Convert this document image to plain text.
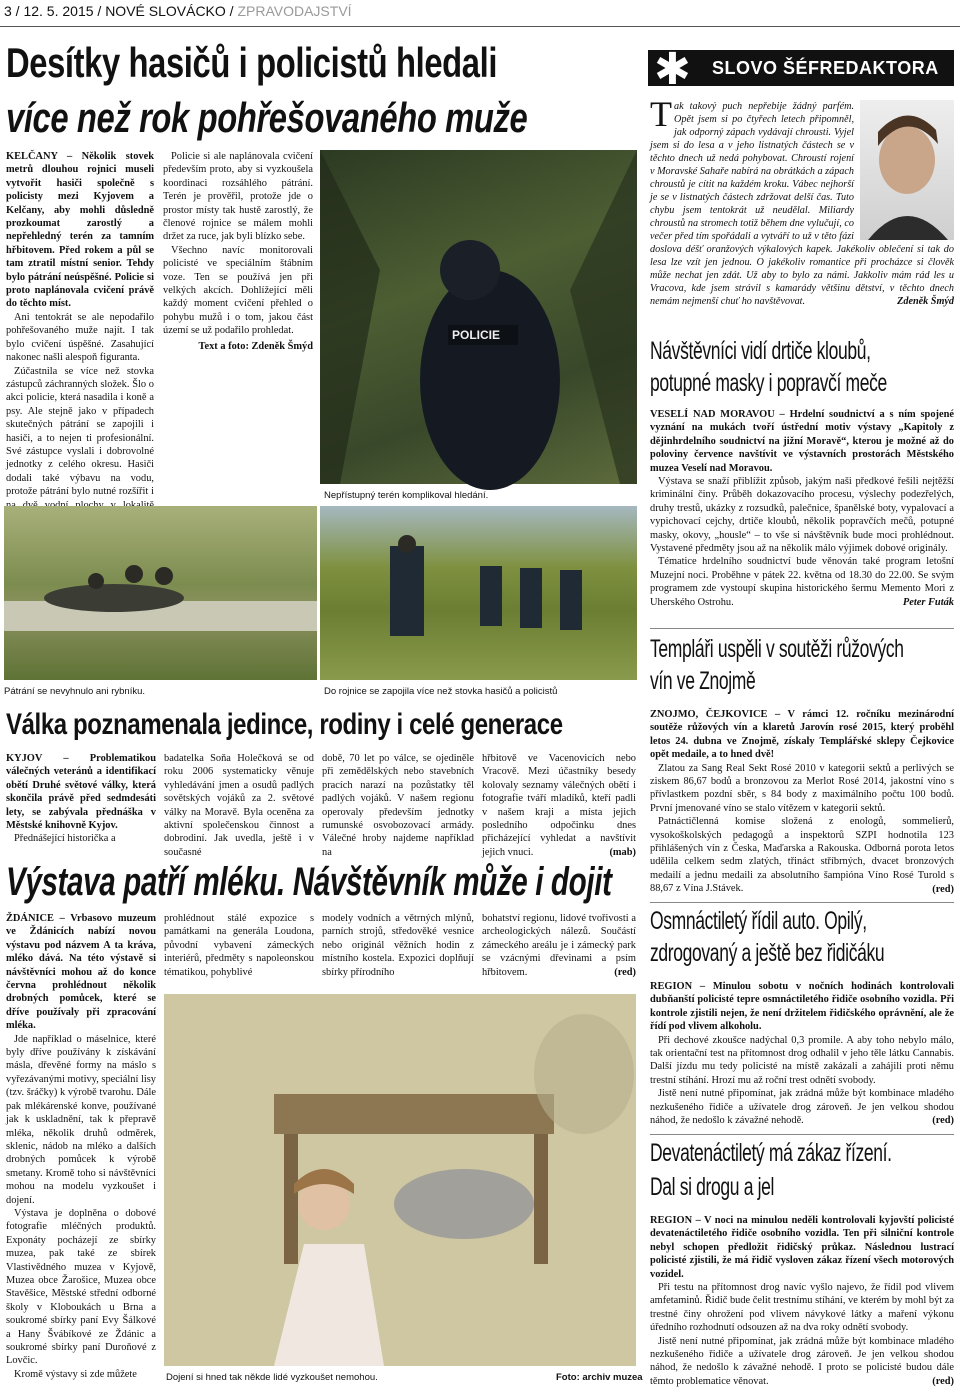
3 / 12. 5. 2015 / NOVÉ SLOVÁCKO / ZPRAVODAJSTVÍ
Desítky hasičů i policistů hledali
více než rok pohřešovaného muže

KELČANY – Několik stovek metrů dlouhou rojnici museli vytvořit hasiči společně s policisty mezi Kyjovem a Kelčany, aby mohli důsledně prozkoumat zarostlý a nepřehledný terén za tamním hřbitovem. Před rokem a půl se tam ztratil místní senior. Tehdy bylo pátrání neúspěšné. Policie si proto naplánovala cvičení právě do těchto míst.

Ani tentokrát se ale nepodařilo pohřešovaného muže najít. I tak bylo cvičení úspěšné. Zasahující nakonec našli alespoň figuranta.

Zúčastnila se více než stovka zástupců záchranných složek. Šlo o akci policie, která nasadila i koně a psy. Ale stejně jako v případech skutečných pátrání se zapojili i hasiči, a to nejen ti profesionální. Své zástupce vyslali i dobrovolné jednotky z celého okresu. Hasiči dodali také výbavu na vodu, protože pátrání bylo nutné rozšířit i

Policie si ale naplánovala cvičení především proto, aby si vyzkoušela koordinaci rozsáhlého pátrání. Terén je prověřil, protože jde o prostor místy tak hustě zarostlý, že členové rojnice se málem mohli držet za ruce, jak byli blízko sebe.

Všechno navíc monitorovali policisté ve speciálním štábním voze. Ten se používá jen při velkých akcích. Dohlížející měli každý moment cvičení přehled o pohybu mužů i o tom, jakou část území se už podařilo prohledat.

Text a foto: Zdeněk Šmýd

POLICIE
Nepřístupný terén komplikoval hledání.
Pátrání se nevyhnulo ani rybníku.	Do rojnice se zapojila více než stovka hasičů a policistů
✱ SLOVO ŠÉFREDAKTORA
T ak takový puch nepřebije žádný parfém. Opět jsem si po čtyřech letech připomněl, jak odporný zápach vydávají chrousti. Vyjel jsem si do lesa a v jeho listnatých částech se v těchto dnech už nedá pohybovat. Chroustí rojení v Moravské Sahaře nabírá na obrátkách a zápach chroustů je cítit na každém kroku. Vábec nejhorší je se v listnatých částech zdržovat delší čas. Tuto chybu jsem tentokrát už neudělal. Miliardy chroustů na stromech totiž během dne vylučují, co večer před tím spořádali a vytváří to už v těto fázi doslova déšť oranžových výkalových kapek. Jakékoliv oblečení si tak do lesa lze vzít jen jednou. O jakékoliv romantice při procházce si člověk může nechat jen zdát. Už aby to bylo za námi. Jakkoliv mám rád les u Vracova, kde jsem strávil s kamarády většinu dětství, v těchto dnech nemám nejmenší chuť ho navštěvovat.	Zdeněk Šmýd
Návštěvníci vidí drtiče kloubů,
potupné masky i popravčí meče

VESELÍ NAD MORAVOU – Hrdelní soudnictví a s ním spojené vyznání na mukách tvoří ústřední motiv výstavy „Kapitoly z dějinhrdelního soudnictví na jižní Moravě“, kterou je možné až do poloviny července navštívit ve výstavních prostorách Městského muzea Veselí nad Moravou.

Výstava se snaží přiblížit způsob, jakým naši předkové řešili nejtěžší kriminální činy. Průběh dokazovacího procesu, výslechy podezřelých, druhy trestů, ukázky z rozsudků, palečnice, španělské boty, vypalovací a vypichovací cejchy, drtiče kloubů, několik popravčích mečů, potupné masky, okovy, „housle“ – to vše si návštěvník bude moci prohlédnout. Vystavené předměty jsou až na několik málo výjimek dobové originály.

Tématice hrdelního soudnictví bude věnován také program letošní Muzejní noci. Proběhne v pátek 22. května od 18.30 do 22.00. Se svým programem zde vystoupí skupina historického šermu Memento Mori z Uherského Ostrohu.	Peter Futák

Templáři uspěli v soutěži růžových
vín ve Znojmě

ZNOJMO, ČEJKOVICE – V rámci 12. ročníku mezinárodní soutěže růžových vín a klaretů Jarovín rosé 2015, který proběhl letos 24. dubna ve Znojmě, získaly Templářské sklepy Čejkovice opět medaile, a to hned dvě!

Zlatou za Sang Real Sekt Rosé 2010 v kategorii sektů a perlivých se ziskem 86,67 bodů a bronzovou za Merlot Rosé 2014, jakostní víno s přívlastkem pozdní sběr, s 84 body z maximálního počtu 100 bodů. První jmenované víno se stalo vítězem v kategorii sektů.

Patnáctičlenná komise složená z enologů, sommelierů, vysokoškolských pedagogů a inspektorů SZPI hodnotila 123 přihlášených vín z Česka, Maďarska a Rakouska. Odborná porota letos udělila celkem sedm zlatých, třináct stříbrných, dvacet bronzových medailí a jednu medaili za absolutního šampióna Víno Rosé Turold s 88,67 z Vína J.Stávek.	(red)

Osmnáctiletý řídil auto. Opilý,
zdrogovaný a ještě bez řidičáku

REGION – Minulou sobotu v nočních hodinách kontrolovali dubňanští policisté tepre osmnáctiletého řidiče osobního vozidla. Při kontrole zjistili nejen, že není držitelem řidičského oprávnění, ale že řídí pod vlivem alkoholu.

Při dechové zkoušce nadýchal 0,3 promile. A aby toho nebylo málo, tak orientační test na přítomnost drog odhalil v jeho těle látku Cannabis. Další jízdu mu tedy policisté na místě zakázali a zahájili proti němu trestní stíhání. Hrozí mu až roční trest odnětí svobody.

Jistě není nutné připomínat, jak zrádná může být kombinace mladého nezkušeného řidiče a užívatele drog zároveň. Je jen velkou shodou náhod, že nedošlo k závažné nehodě.	(red)

Devatenáctiletý má zákaz řízení.
Dal si drogu a jel

REGION – V noci na minulou neděli kontrolovali kyjovští policisté devatenáctiletého řidiče osobního vozidla. Ten při silniční kontrole nebyl schopen předložit řidičský průkaz. Následnou lustrací policisté zjistili, že má řidič vysloven zákaz řízení všech motorových vozidel.

Při testu na přítomnost drog navíc vyšlo najevo, že řídil pod vlivem amfetaminů. Řidič bude čelit trestnímu stíhání, ve kterém by mohl být za trestné činy ohrožení pod vlivem návykové látky a maření výkonu úředního rozhodnutí odsouzen až na dva roky odnětí svobody.

Jistě není nutné připomínat, jak zrádná může být kombinace mladého nezkušeného řidiče a užívatele drog zároveň. Je jen velkou shodou náhod, že nedošlo k závažné nehodě. I proto se policisté budou dále těmto problematice věnovat.	(red)

Válka poznamenala jedince, rodiny i celé generace

KYJOV – Problematikou válečných veteránů a identifikací obětí Druhé světové války, která skončila právě před sedmdesáti lety, se zabývala přednáška v Městské knihovně Kyjov.

Přednášející historička a

badatelka Soňa Holečková se od roku 2006 systematicky věnuje vyhledávání jmen a osudů padlých sovětských vojáků za 2. světové války na Moravě. Byla oceněna za aktivní společenskou činnost a dobrodiní. Jak uvedla, ještě i v současné

době, 70 let po válce, se ojediněle při zemědělských nebo stavebních pracích narazí na pozůstatky těl padlých vojáků. V našem regionu operovaly především jednotky rumunské osvobozovací armády. Válečné hroby najdeme například na

hřbitově ve Vacenovicích nebo Vracově. Mezi účastníky besedy kolovaly seznamy válečných obětí i fotografie tváří mladíků, kteří padli v našem kraji a místa jejich posledního odpočinku dnes přicházející vyhledat a navštívit jejich vnuci.	(mab)

Výstava patří mléku. Návštěvník může i dojit

ŽDÁNICE – Vrbasovo muzeum ve Ždánicích nabízí novou výstavu pod názvem A ta kráva, mléko dává. Na této výstavě si návštěvníci mohou až do konce června prohlédnout několik drobných pomůcek, které se dříve používaly při zpracování mléka.

Jde například o máselnice, které byly dříve používány k získávání másla, dřevěné formy na máslo s vyřezávanými motivy, speciální lisy (tzv. šráčky) k výrobě tvarohu. Dále pak mlékárenské konve, používané jak k uskladnění, tak k přepravě mléka, několik druhů odměrek, sklenic, nádob na mléko a dalších drobných pomůcek k výrobě smetany. Kromě toho si návštěvníci mohou na modelu vyzkoušet i dojení.

Výstava je doplněna o dobové fotografie mléčných produktů. Exponáty pocházejí ze sbírky muzea, pak také ze sbírek Vlastivědného muzea v Kyjově, Muzea obce Žarošice, Muzea obce Stavěšice, Městské střední odborné školy v Kloboukách u Brna a soukromé sbírky paní Evy Šálkové a Hany Švábíkové ze Ždánic a soukromé sbírky paní Duroňové z Lovčic.

Kromě výstavy si zde můžete

prohlédnout stálé expozice s památkami na generála Loudona, původní vybavení zámeckých interiérů, předměty s napoleonskou tématikou, pohyblivé

modely vodních a větrných mlýnů, parních strojů, středověké vesnice nebo originál věžních hodin z místního kostela. Expozici doplňují sbírky přírodního

bohatství regionu, lidové tvořivosti a archeologických nálezů. Součástí zámeckého areálu je i zámecký park se vzácnými dřevinami a psím hřbitovem.	(red)

Dojení si hned tak někde lidé vyzkoušet nemohou.	Foto: archiv muzea
